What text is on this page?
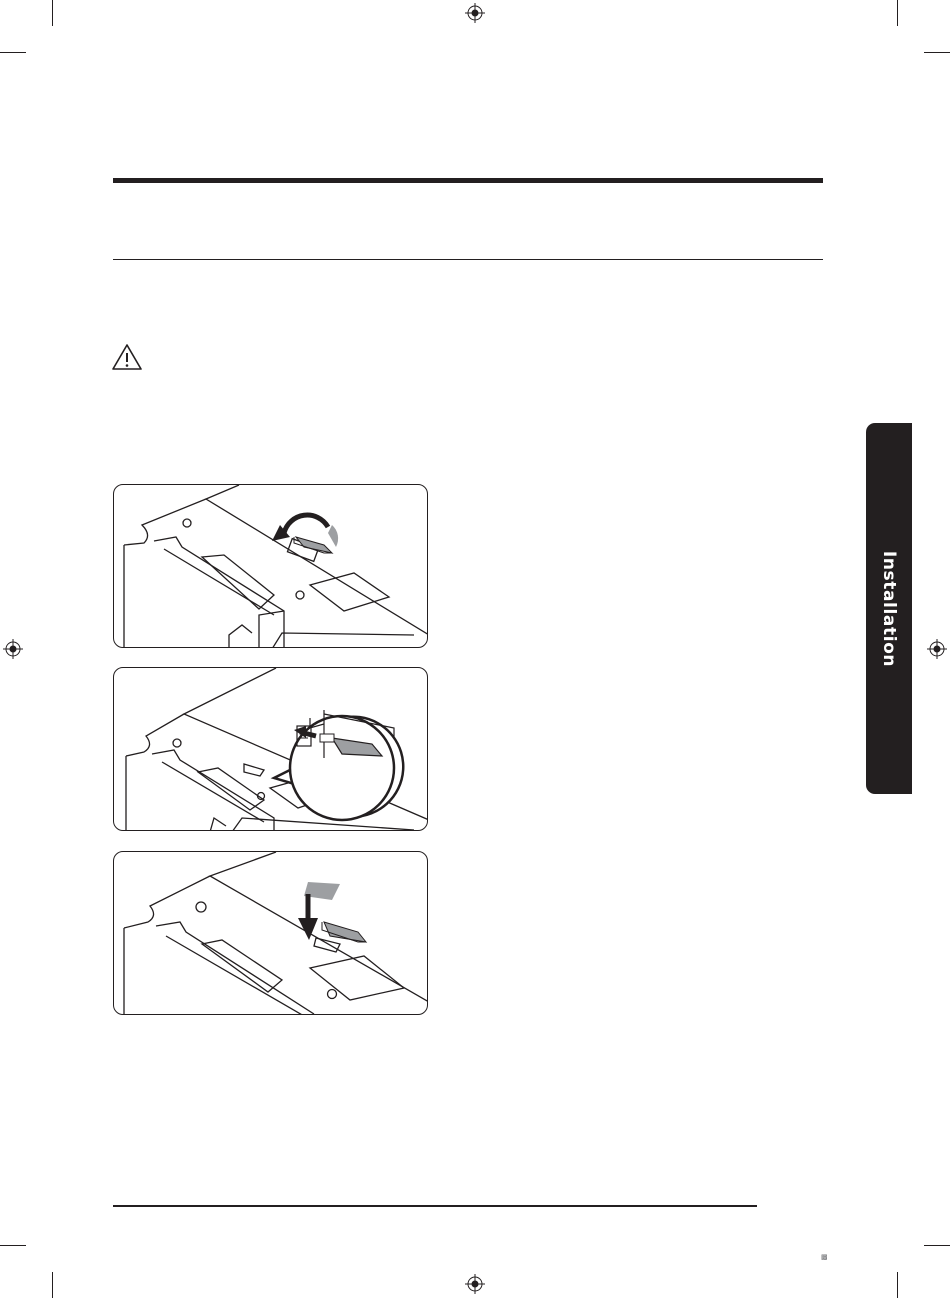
Installation
▩
